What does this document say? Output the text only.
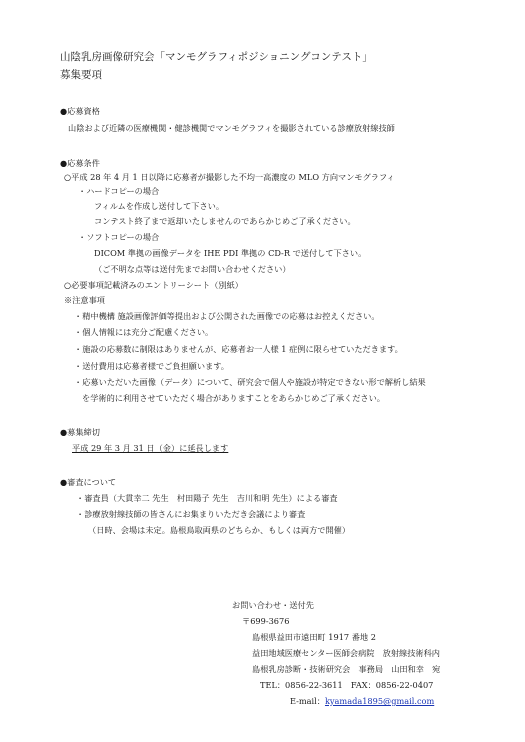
山陰乳房画像研究会「マンモグラフィポジショニングコンテスト」
募集要項
●応募資格
山陰および近隣の医療機関・健診機関でマンモグラフィを撮影されている診療放射線技師
●応募条件
○平成 28 年 4 月 1 日以降に応募者が撮影した不均一高濃度の MLO 方向マンモグラフィ
・ハードコピーの場合
フィルムを作成し送付して下さい。
コンテスト終了まで返却いたしませんのであらかじめご了承ください。
・ソフトコピーの場合
DICOM 準拠の画像データを IHE PDI 準拠の CD-R で送付して下さい。
（ご不明な点等は送付先までお問い合わせください）
○必要事項記載済みのエントリーシート（別紙）
※注意事項
・精中機構 施設画像評価等提出および公開された画像での応募はお控えください。
・個人情報には充分ご配慮ください。
・施設の応募数に制限はありませんが、応募者お一人様 1 症例に限らせていただきます。
・送付費用は応募者様でご負担願います。
・応募いただいた画像（データ）について、研究会で個人や施設が特定できない形で解析し結果
を学術的に利用させていただく場合がありますことをあらかじめご了承ください。
●募集締切
平成 29 年 3 月 31 日（金）に延長します
●審査について
・審査員（大貫幸二 先生　村田陽子 先生　吉川和明 先生）による審査
・診療放射線技師の皆さんにお集まりいただき会議により審査
（日時、会場は未定。島根鳥取両県のどちらか、もしくは両方で開催）
お問い合わせ・送付先
〒699-3676
島根県益田市遠田町 1917 番地 2
益田地域医療センター医師会病院　放射線技術科内
島根乳房診断・技術研究会　事務局　山田和幸　宛
TEL：0856-22-3611　FAX：0856-22-0407
E-mail：kyamada1895@gmail.com
